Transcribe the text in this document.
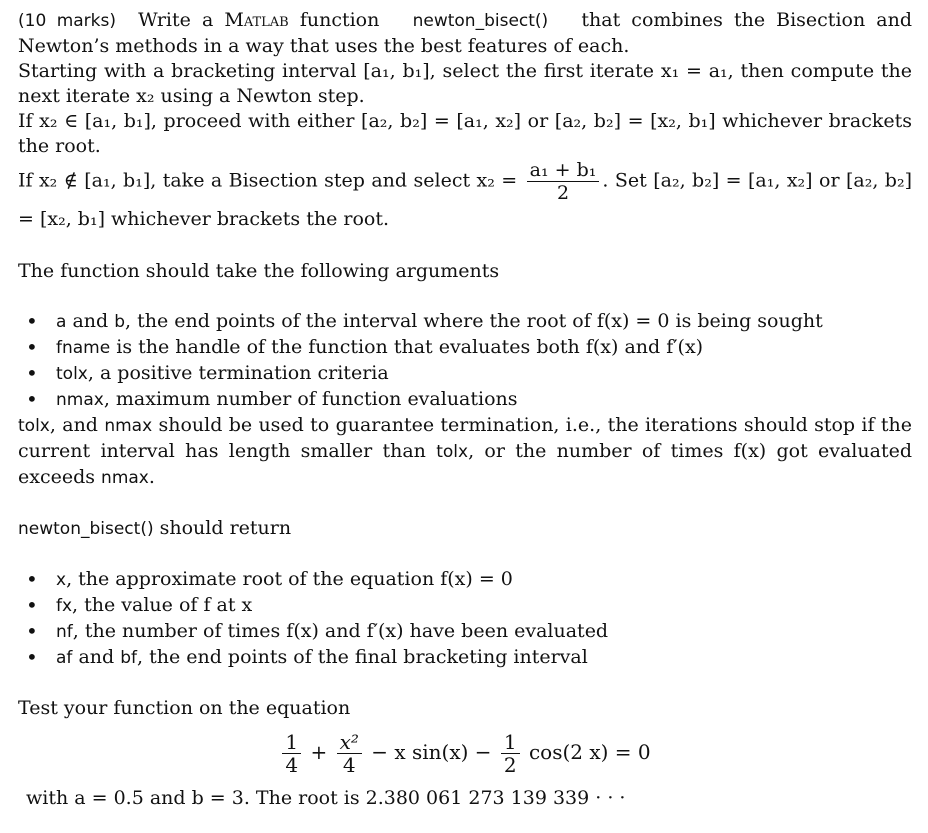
(10 marks) Write a Matlab function newton_bisect() that combines the Bisection and Newton’s methods in a way that uses the best features of each.

Starting with a bracketing interval [a₁, b₁], select the first iterate x₁ = a₁, then compute the next iterate x₂ using a Newton step.

If x₂ ∈ [a₁, b₁], proceed with either [a₂, b₂] = [a₁, x₂] or [a₂, b₂] = [x₂, b₁] whichever brackets the root.

If x₂ ∉ [a₁, b₁], take a Bisection step and select $x_2 = \frac{\text{a₁ + b₁}}{2}$ . Set [a₂, b₂] = [a₁, x₂] or [a₂, b₂] = [x₂, b₁] whichever brackets the root.

The function should take the following arguments

• a and b, the end points of the interval where the root of f(x) = 0 is being sought
• fname is the handle of the function that evaluates both f(x) and f′(x)
• tolx, a positive termination criteria
• nmax, maximum number of function evaluations

tolx, and nmax should be used to guarantee termination, i.e., the iterations should stop if the current interval has length smaller than tolx, or the number of times f(x) got evaluated exceeds nmax.

newton_bisect() should return

• x, the approximate root of the equation f(x) = 0
• fx, the value of f at x
• nf, the number of times f(x) and f′(x) have been evaluated
• af and bf, the end points of the final bracketing interval

Test your function on the equation

$\frac{1}{4} + \frac{\text{x²}}{4} - x$ $\sin(x) - \frac{1}{2} \cos(2$ x) = 0

with a = 0.5 and b = 3. The root is 2.380 061 273 139 339 · · ·
